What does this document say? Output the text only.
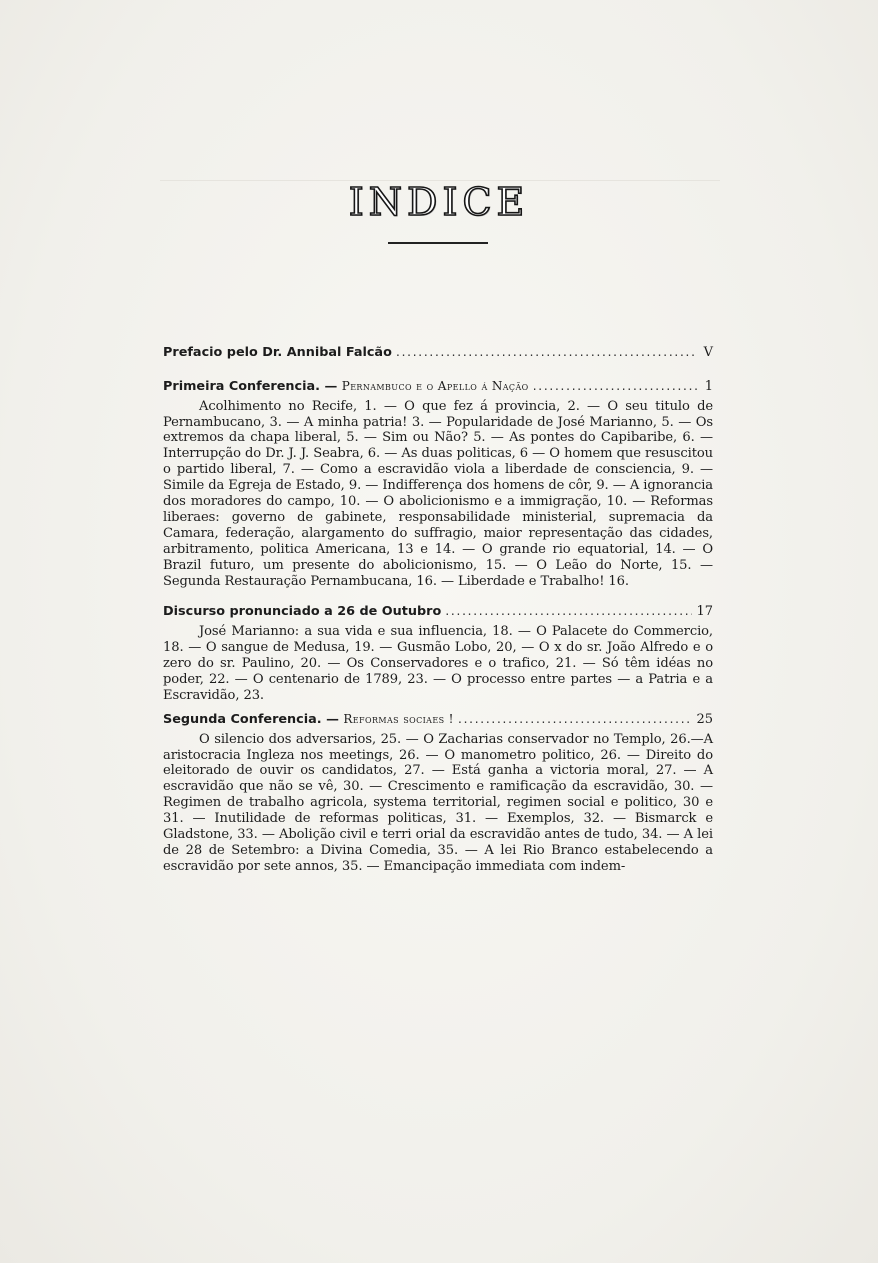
INDICE
Prefacio pelo Dr. Annibal Falcão .....	V
Primeira Conferencia. —
Pernambuco e o Apello á Nação .....	1

Acolhimento no Recife, 1. — O que fez á provincia, 2. — O seu titulo de Pernambucano, 3. — A minha patria! 3. — Popularidade de José Marianno, 5. — Os extremos da chapa liberal, 5. — Sim ou Não? 5. — As pontes do Capibaribe, 6. — Interrupção do Dr. J. J. Seabra, 6. — As duas politicas, 6 — O homem que resuscitou o partido liberal, 7. — Como a escravidão viola a liberdade de consciencia, 9. — Simile da Egreja de Estado, 9. — Indifferença dos homens de côr, 9. — A ignorancia dos moradores do campo, 10. — O abolicionismo e a immigração, 10. — Reformas liberaes: governo de gabinete, responsabilidade ministerial, supremacia da Camara, federação, alargamento do suffragio, maior representação das cidades, arbitramento, politica Americana, 13 e 14. — O grande rio equatorial, 14. — O Brazil futuro, um presente do abolicionismo, 15. — O Leão do Norte, 15. — Segunda Restauração Pernambucana, 16. — Liberdade e Trabalho! 16.

Discurso pronunciado a 26 de Outubro .....	17

José Marianno: a sua vida e sua influencia, 18. — O Palacete do Commercio, 18. — O sangue de Medusa, 19. — Gusmão Lobo, 20, — O x do sr. João Alfredo e o zero do sr. Paulino, 20. — Os Conservadores e o trafico, 21. — Só têm idéas no poder, 22. — O centenario de 1789, 23. — O processo entre partes — a Patria e a Escravidão, 23.

Segunda Conferencia. —
Reformas sociaes ! .....	25

O silencio dos adversarios, 25. — O Zacharias conservador no Templo, 26.—A aristocracia Ingleza nos meetings, 26. — O manometro politico, 26. — Direito do eleitorado de ouvir os candidatos, 27. — Está ganha a victoria moral, 27. — A escravidão que não se vê, 30. — Crescimento e ramificação da escravidão, 30. — Regimen de trabalho agricola, systema territorial, regimen social e politico, 30 e 31. — Inutilidade de reformas politicas, 31. — Exemplos, 32. — Bismarck e Gladstone, 33. — Abolição civil e terri orial da escravidão antes de tudo, 34. — A lei de 28 de Setembro: a Divina Comedia, 35. — A lei Rio Branco estabelecendo a escravidão por sete annos, 35. — Emancipação immediata com indem-
